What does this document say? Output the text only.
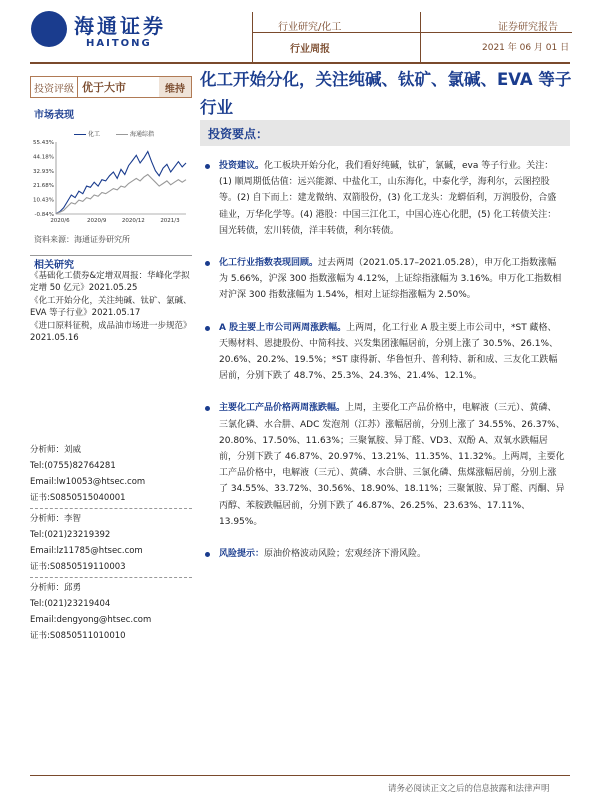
海通证券
HAITONG
行业研究/化工
行业周报
证券研究报告
2021 年 06 月 01 日
投资评级 优于大市	维持 化工开始分化，关注纯碱、钛矿、氯碱、EVA 等子行业
市场表现
55.43%
44.18%
32.93%
21.68%
10.43%
-0.84%
2020/6	2020/9	2020/12	2021/3
化工	海通综指
资料来源：海通证券研究所
相关研究
《基础化工债券&定增双周报：华峰化学拟定增 50 亿元》2021.05.25
《化工开始分化，关注纯碱、钛矿、氯碱、EVA 等子行业》2021.05.17
《进口原料征税，成品油市场进一步规范》2021.05.16
分析师：刘威
Tel:(0755)82764281
Email:lw10053@htsec.com
证书:S0850515040001
分析师：李智
Tel:(021)23219392
Email:lz11785@htsec.com
证书:S0850519110003
分析师：邱勇
Tel:(021)23219404
Email:dengyong@htsec.com
证书:S0850511010010
投资要点：
投资建议。化工板块开始分化，我们看好纯碱，钛矿，氯碱，eva 等子行业。关注：(1) 顺周期低估值：远兴能源、中盐化工，山东海化，中泰化学，海利尔，云图控股等。(2) 自下而上：建龙微纳、双箭股份，(3) 化工龙头：龙蟒佰利，万润股份，合盛硅业，万华化学等。(4) 港股：中国三江化工，中国心连心化肥，(5) 化工转债关注：国光转债，宏川转债，洋丰转债，利尔转债。
化工行业指数表现回顾。过去两周（2021.05.17–2021.05.28），申万化工指数涨幅为 5.66%，沪深 300 指数涨幅为 4.12%，上证综指涨幅为 3.16%。申万化工指数相对沪深 300 指数涨幅为 1.54%，相对上证综指涨幅为 2.50%。
A 股主要上市公司两周涨跌幅。上两周，化工行业 A 股主要上市公司中，*ST 藏格、天赐材料、恩捷股份、中简科技、兴发集团涨幅居前，分别上涨了 30.5%、26.1%、20.6%、20.2%、19.5%；*ST 康得新、华鲁恒升、普利特、新和成、三友化工跌幅居前，分别下跌了 48.7%、25.3%、24.3%、21.4%、12.1%。
主要化工产品价格两周涨跌幅。上周，主要化工产品价格中，电解液（三元）、黄磷、三氯化磷、水合肼、ADC 发泡剂（江苏）涨幅居前，分别上涨了 34.55%、26.37%、20.80%、17.50%、11.63%；三聚氰胺、异丁醛、VD3、双酚 A、双氧水跌幅居前，分别下跌了 46.87%、20.97%、13.21%、11.35%、11.32%。上两周，主要化工产品价格中，电解液（三元）、黄磷、水合肼、三氯化磷、焦煤涨幅居前，分别上涨了 34.55%、33.72%、30.56%、18.90%、18.11%；三聚氰胺、异丁醛、丙酮、异丙醇、苯胺跌幅居前，分别下跌了 46.87%、26.25%、23.63%、17.11%、13.95%。
风险提示：原油价格波动风险；宏观经济下滑风险。
请务必阅读正文之后的信息披露和法律声明
